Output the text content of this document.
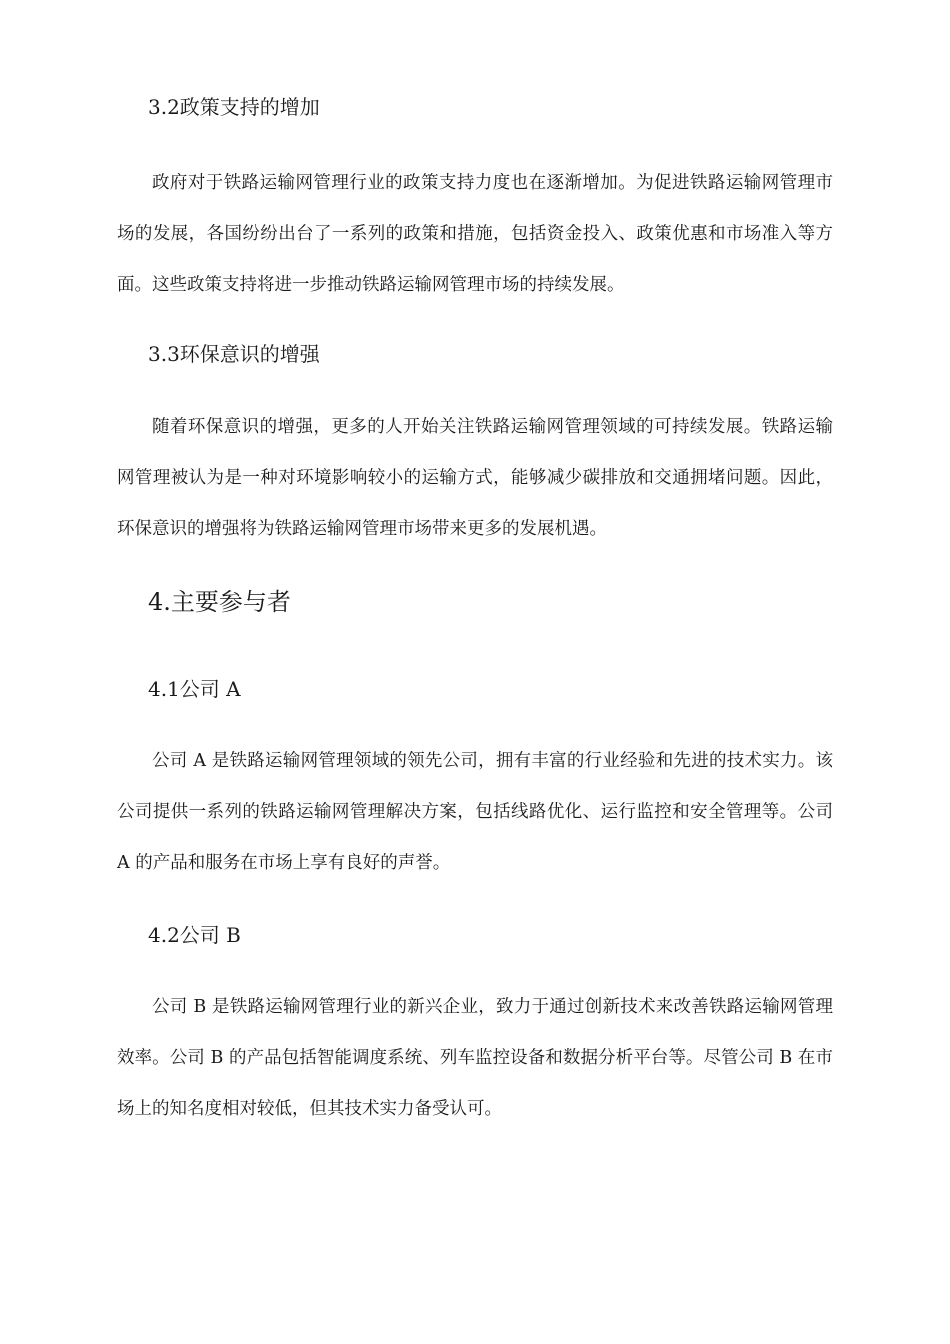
3.2政策支持的增加

政府对于铁路运输网管理行业的政策支持力度也在逐渐增加。为促进铁路运输网管理市场的发展，各国纷纷出台了一系列的政策和措施，包括资金投入、政策优惠和市场准入等方面。这些政策支持将进一步推动铁路运输网管理市场的持续发展。

3.3环保意识的增强

随着环保意识的增强，更多的人开始关注铁路运输网管理领域的可持续发展。铁路运输网管理被认为是一种对环境影响较小的运输方式，能够减少碳排放和交通拥堵问题。因此，环保意识的增强将为铁路运输网管理市场带来更多的发展机遇。

4.主要参与者
4.1公司 A

公司 A 是铁路运输网管理领域的领先公司，拥有丰富的行业经验和先进的技术实力。该公司提供一系列的铁路运输网管理解决方案，包括线路优化、运行监控和安全管理等。公司 A 的产品和服务在市场上享有良好的声誉。

4.2公司 B

公司 B 是铁路运输网管理行业的新兴企业，致力于通过创新技术来改善铁路运输网管理效率。公司 B 的产品包括智能调度系统、列车监控设备和数据分析平台等。尽管公司 B 在市场上的知名度相对较低，但其技术实力备受认可。
